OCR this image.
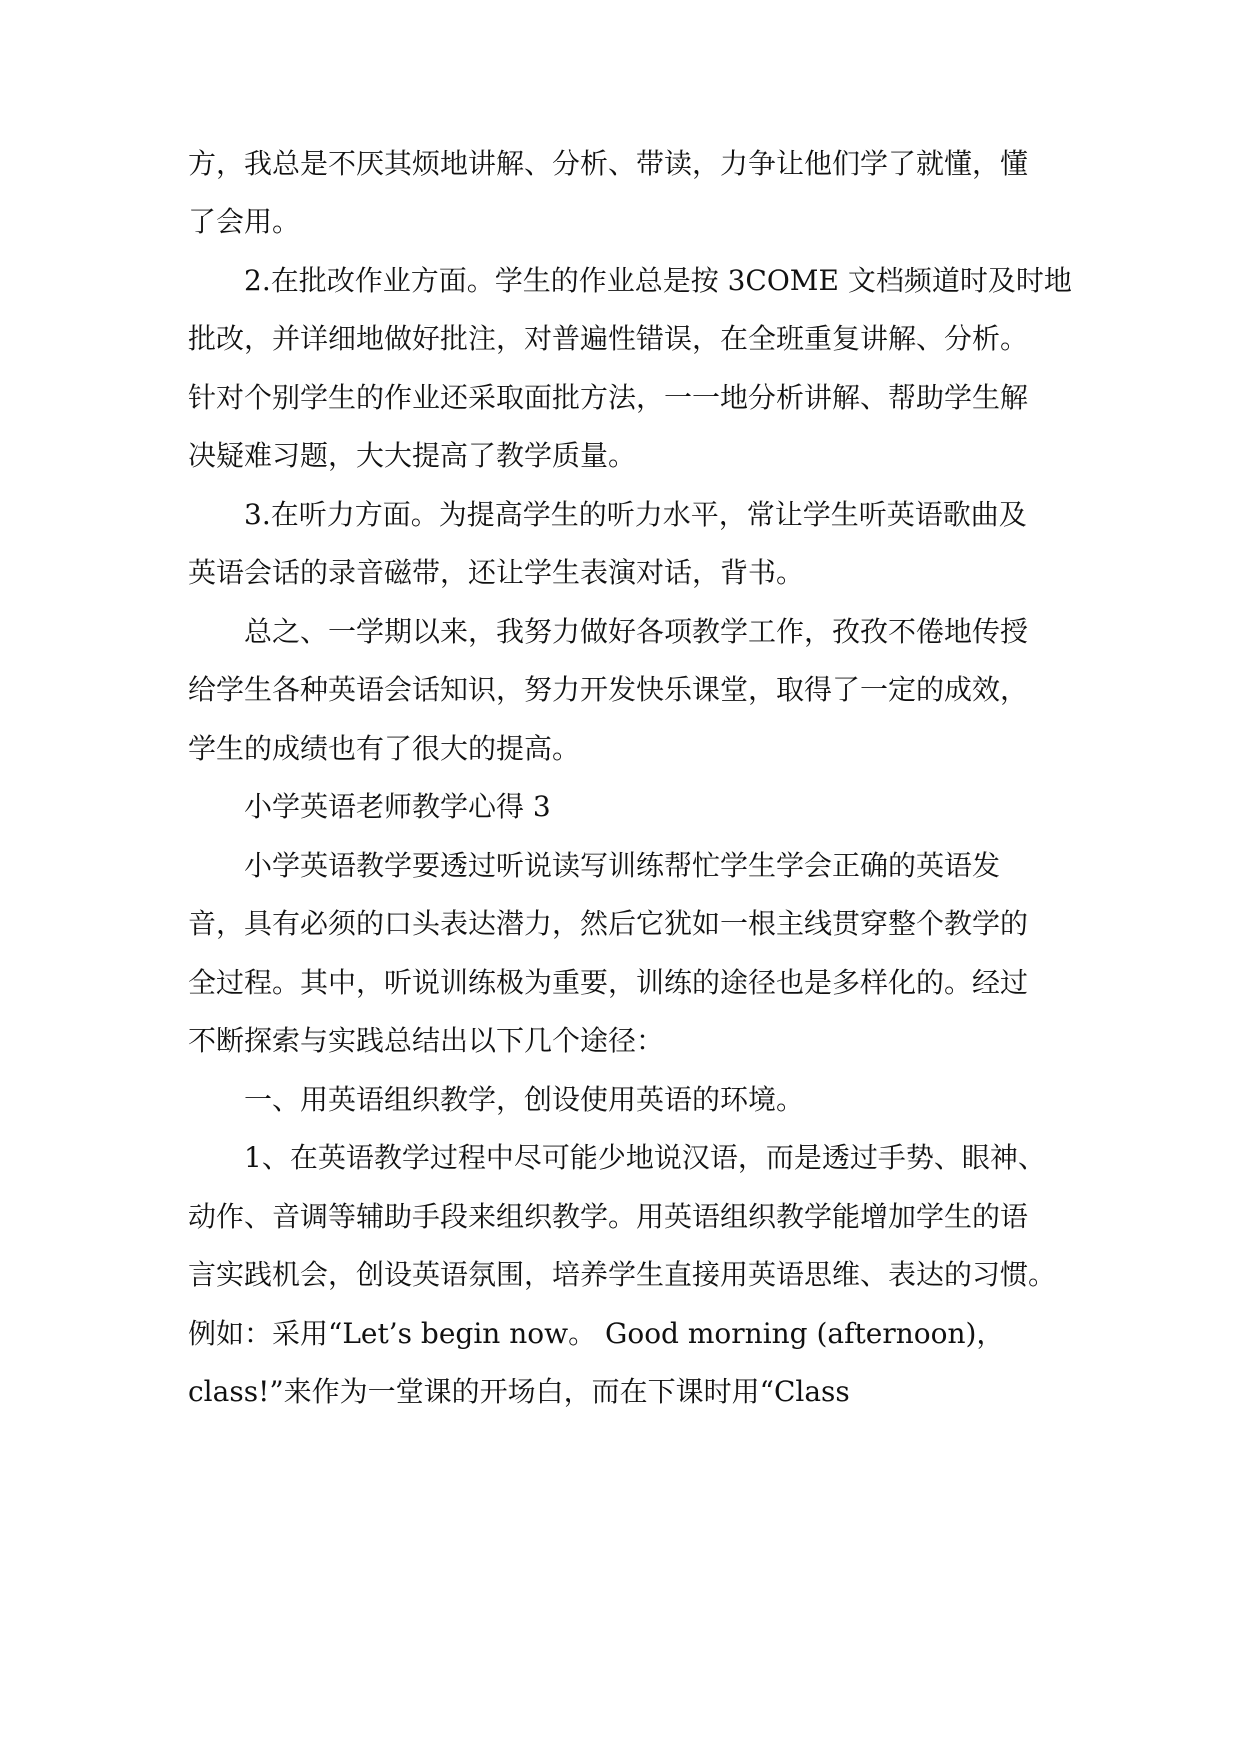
方，我总是不厌其烦地讲解、分析、带读，力争让他们学了就懂，懂
了会用。
2.在批改作业方面。学生的作业总是按 3COME 文档频道时及时地
批改，并详细地做好批注，对普遍性错误，在全班重复讲解、分析。
针对个别学生的作业还采取面批方法，一一地分析讲解、帮助学生解
决疑难习题，大大提高了教学质量。
3.在听力方面。为提高学生的听力水平，常让学生听英语歌曲及
英语会话的录音磁带，还让学生表演对话，背书。
总之、一学期以来，我努力做好各项教学工作，孜孜不倦地传授
给学生各种英语会话知识，努力开发快乐课堂，取得了一定的成效，
学生的成绩也有了很大的提高。
小学英语老师教学心得 3
小学英语教学要透过听说读写训练帮忙学生学会正确的英语发
音，具有必须的口头表达潜力，然后它犹如一根主线贯穿整个教学的
全过程。其中，听说训练极为重要，训练的途径也是多样化的。经过
不断探索与实践总结出以下几个途径：
一、用英语组织教学，创设使用英语的环境。
1、在英语教学过程中尽可能少地说汉语，而是透过手势、眼神、
动作、音调等辅助手段来组织教学。用英语组织教学能增加学生的语
言实践机会，创设英语氛围，培养学生直接用英语思维、表达的习惯。
例如：采用“Let’s begin now。 Good morning (afternoon)，
class!”来作为一堂课的开场白，而在下课时用“Class
